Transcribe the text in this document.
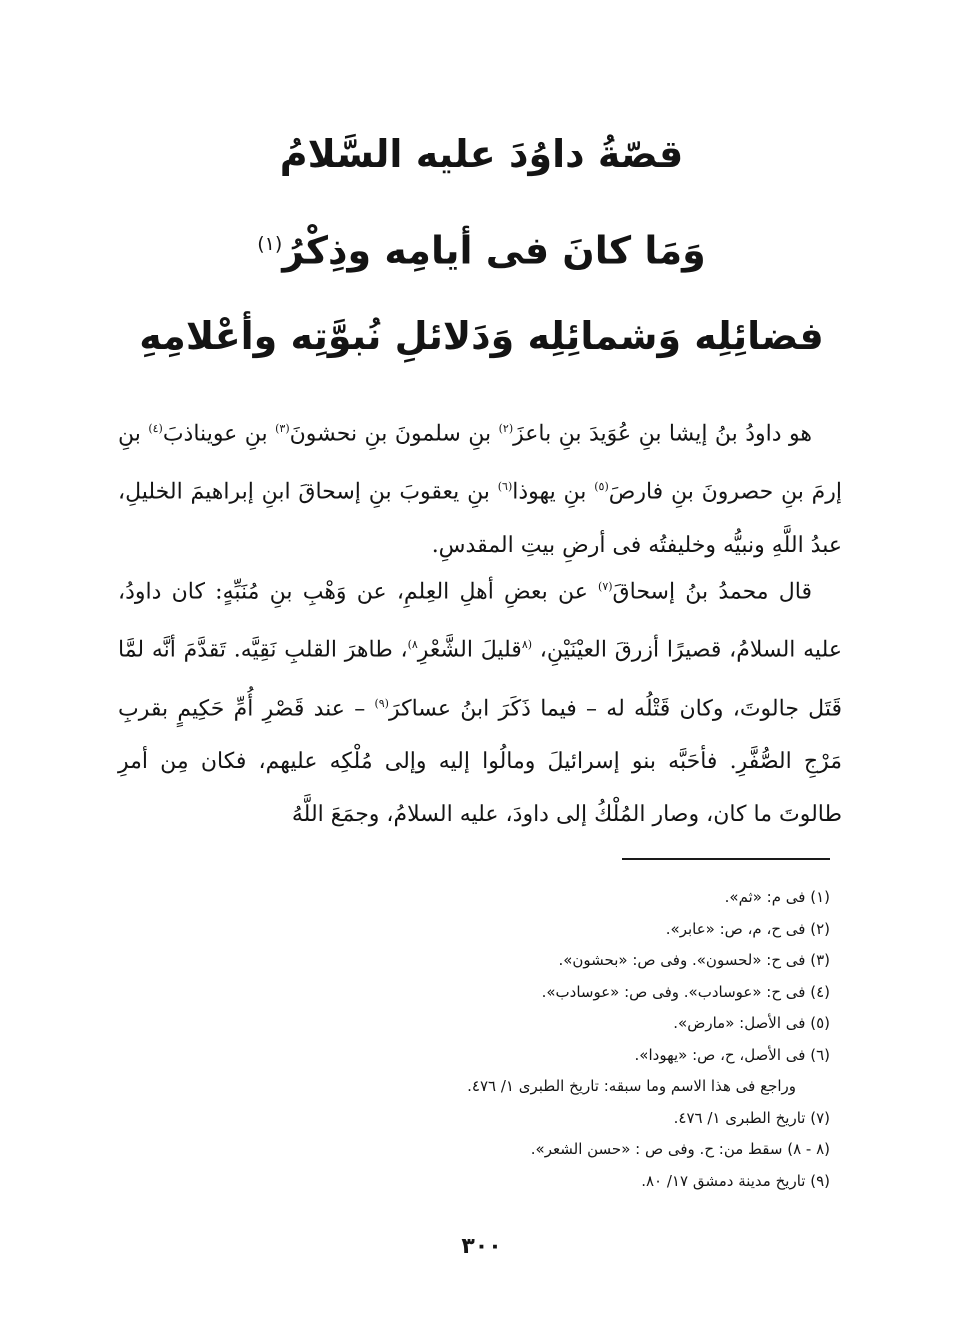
قصّةُ داوُدَ عليه السَّلامُ
وَمَا كانَ فى أيامِه وذِكْرُ$^{(١)}$
فضائِلِه وَشمائِلِه وَدَلائلِ نُبوَّتِه وأعْلامِهِ
هو داودُ بنُ إيشا بنِ عُوَيدَ بنِ باعزَ$^{(٢)}$ بنِ سلمونَ بنِ نحشونَ$^{(٣)}$ بنِ عويناذبَ$^{(٤)}$ بنِ إرمَ بنِ حصرونَ بنِ فارصَ$^{(٥)}$ بنِ يهوذا$^{(٦)}$ بنِ يعقوبَ بنِ إسحاقَ ابنِ إبراهيمَ الخليلِ، عبدُ اللَّهِ ونبيُّه وخليفتُه فى أرضِ بيتِ المقدسِ.
قال محمدُ بنُ إسحاقَ$^{(٧)}$ عن بعضِ أهلِ العِلمِ، عن وَهْبِ بنِ مُنَبِّهٍ: كان داودُ، عليه السلامُ، قصيرًا أزرقَ العيْنَيْنِ، $^{(٨}$قليلَ الشَّعْرِ$^{٨)}$، طاهرَ القلبِ نَقِيَّه. تَقدَّمَ أنَّه لمَّا قَتَل جالوتَ، وكان قَتْلُه له – فيما ذَكَرَ ابنُ عساكرَ$^{(٩)}$ – عند قَصْرِ أُمِّ حَكِيمٍ بقربِ مَرْجِ الصُّفَّرِ. فأحَبَّه بنو إسرائيلَ ومالُوا إليه وإلى مُلْكِه عليهم، فكان مِن أمرِ طالوتَ ما كان، وصار المُلْكُ إلى داودَ، عليه السلامُ، وجمَعَ اللَّهُ
(١) فى م: «ثم».
(٢) فى ح، م، ص: «عابر».
(٣) فى ح: «لحسون». وفى ص: «بحشون».
(٤) فى ح: «عوسادب». وفى ص: «عوسادب».
(٥) فى الأصل: «مارض».
(٦) فى الأصل، ح، ص: «يهودا».
وراجع فى هذا الاسم وما سبقه: تاريخ الطبرى ١/ ٤٧٦.
(٧) تاريخ الطبرى ١/ ٤٧٦.
(٨ - ٨) سقط من: ح. وفى ص : «حسن الشعر».
(٩) تاريخ مدينة دمشق ١٧/ ٨٠.
٣٠٠
